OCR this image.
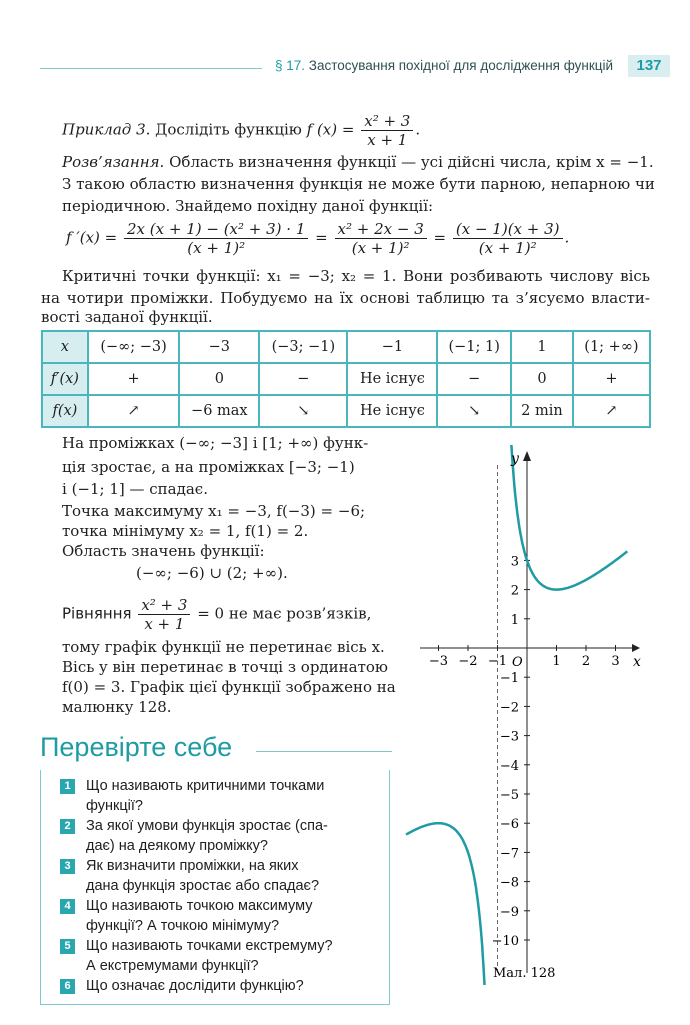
§ 17. Застосування похідної для дослідження функцій	137
Приклад 3. Дослідіть функцію f $(x) = \frac{\text{x² + 3}}{x + 1}$ .
Розв’язання. Область визначення функції — усі дійсні числа, крім x = −1.
З такою областю визначення функція не може бути парною, непарною чи
періодичною. Знайдемо похідну даної функції:
f $'(x) = \frac{\text{2x (x + 1) − (x² + 3) · 1}}{\text{(x + 1)²}} = \frac{\text{x² + 2x − 3}}{\text{(x + 1)²}} = \frac{(x - 1)(x + 3)}{\text{(x + 1)²}}$ .
Критичні точки функції: x₁ = −3; x₂ = 1. Вони розбивають числову вісь
на чотири проміжки. Побудуємо на їх основі таблицю та з’ясуємо власти-
вості заданої функції.
x	(−∞; −3)	−3	(−3; −1)	−1	(−1; 1)	1	(1; +∞)
f′(x)	+	0	−	Не існує	−	0	+
f(x)	↗	−6 max	↘	Не існує	↘	2 min	↗
На проміжках (−∞; −3] і [1; +∞) функ-
ція зростає, а на проміжках [−3; −1)
і (−1; 1] — спадає.
Точка максимуму x₁ = −3, f(−3) = −6;
точка мінімуму x₂ = 1, f(1) = 2.
Область значень функції:
(−∞; −6) ∪ (2; +∞).
Рівняння $\frac{\text{x² + 3}}{x + 1} = 0$ не має розв’язків,
тому графік функції не перетинає вісь x.
Вісь y він перетинає в точці з ординатою
f(0) = 3. Графік цієї функції зображено на
малюнку 128.
Перевірте себе
1	Що називають критичними точками
функції?
2	За якої умови функція зростає (спа-
дає) на деякому проміжку?
3	Як визначити проміжки, на яких
дана функція зростає або спадає?
4	Що називають точкою максимуму
функції? А точкою мінімуму?
5	Що називають точками екстремуму?
А екстремумами функції?
6	Що означає дослідити функцію?
−3 −2 −1	1 2 3
3
2
1
−1
−2
−3
−4
−5
−6
−7
−8
−9
−10
y
x
O
Мал. 128
